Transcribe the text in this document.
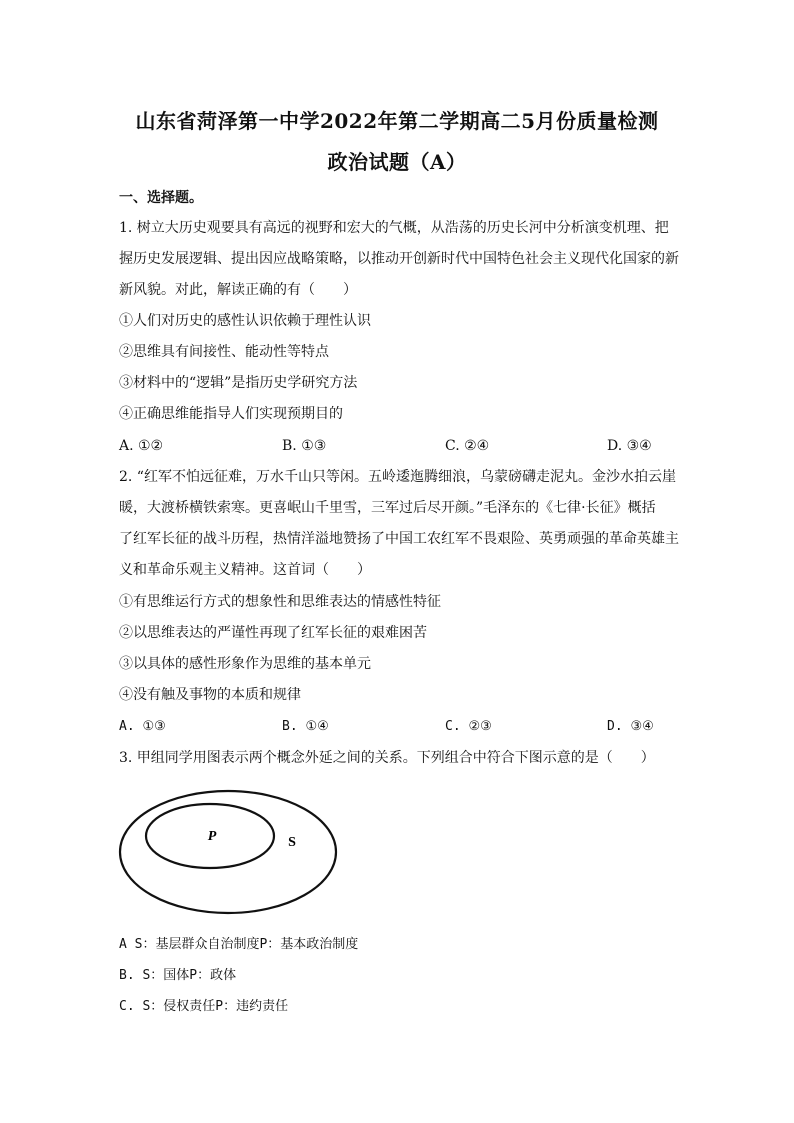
山东省菏泽第一中学2022年第二学期高二5月份质量检测
政治试题（A）
一、选择题。
1. 树立大历史观要具有高远的视野和宏大的气概，从浩荡的历史长河中分析演变机理、把
握历史发展逻辑、提出因应战略策略，以推动开创新时代中国特色社会主义现代化国家的新
新风貌。对此，解读正确的有（　　）
①人们对历史的感性认识依赖于理性认识
②思维具有间接性、能动性等特点
③材料中的“逻辑”是指历史学研究方法
④正确思维能指导人们实现预期目的
A. ①②	B. ①③	C. ②④	D. ③④
2. “红军不怕远征难，万水千山只等闲。五岭逶迤腾细浪，乌蒙磅礴走泥丸。金沙水拍云崖
暖，大渡桥横铁索寒。更喜岷山千里雪，三军过后尽开颜。”毛泽东的《七律·长征》概括
了红军长征的战斗历程，热情洋溢地赞扬了中国工农红军不畏艰险、英勇顽强的革命英雄主
义和革命乐观主义精神。这首词（　　）
①有思维运行方式的想象性和思维表达的情感性特征
②以思维表达的严谨性再现了红军长征的艰难困苦
③以具体的感性形象作为思维的基本单元
④没有触及事物的本质和规律
A. ①③	B. ①④	C. ②③	D. ③④
3. 甲组同学用图表示两个概念外延之间的关系。下列组合中符合下图示意的是（　　）
P	S
A S：基层群众自治制度P：基本政治制度
B. S：国体P：政体
C. S：侵权责任P：违约责任
